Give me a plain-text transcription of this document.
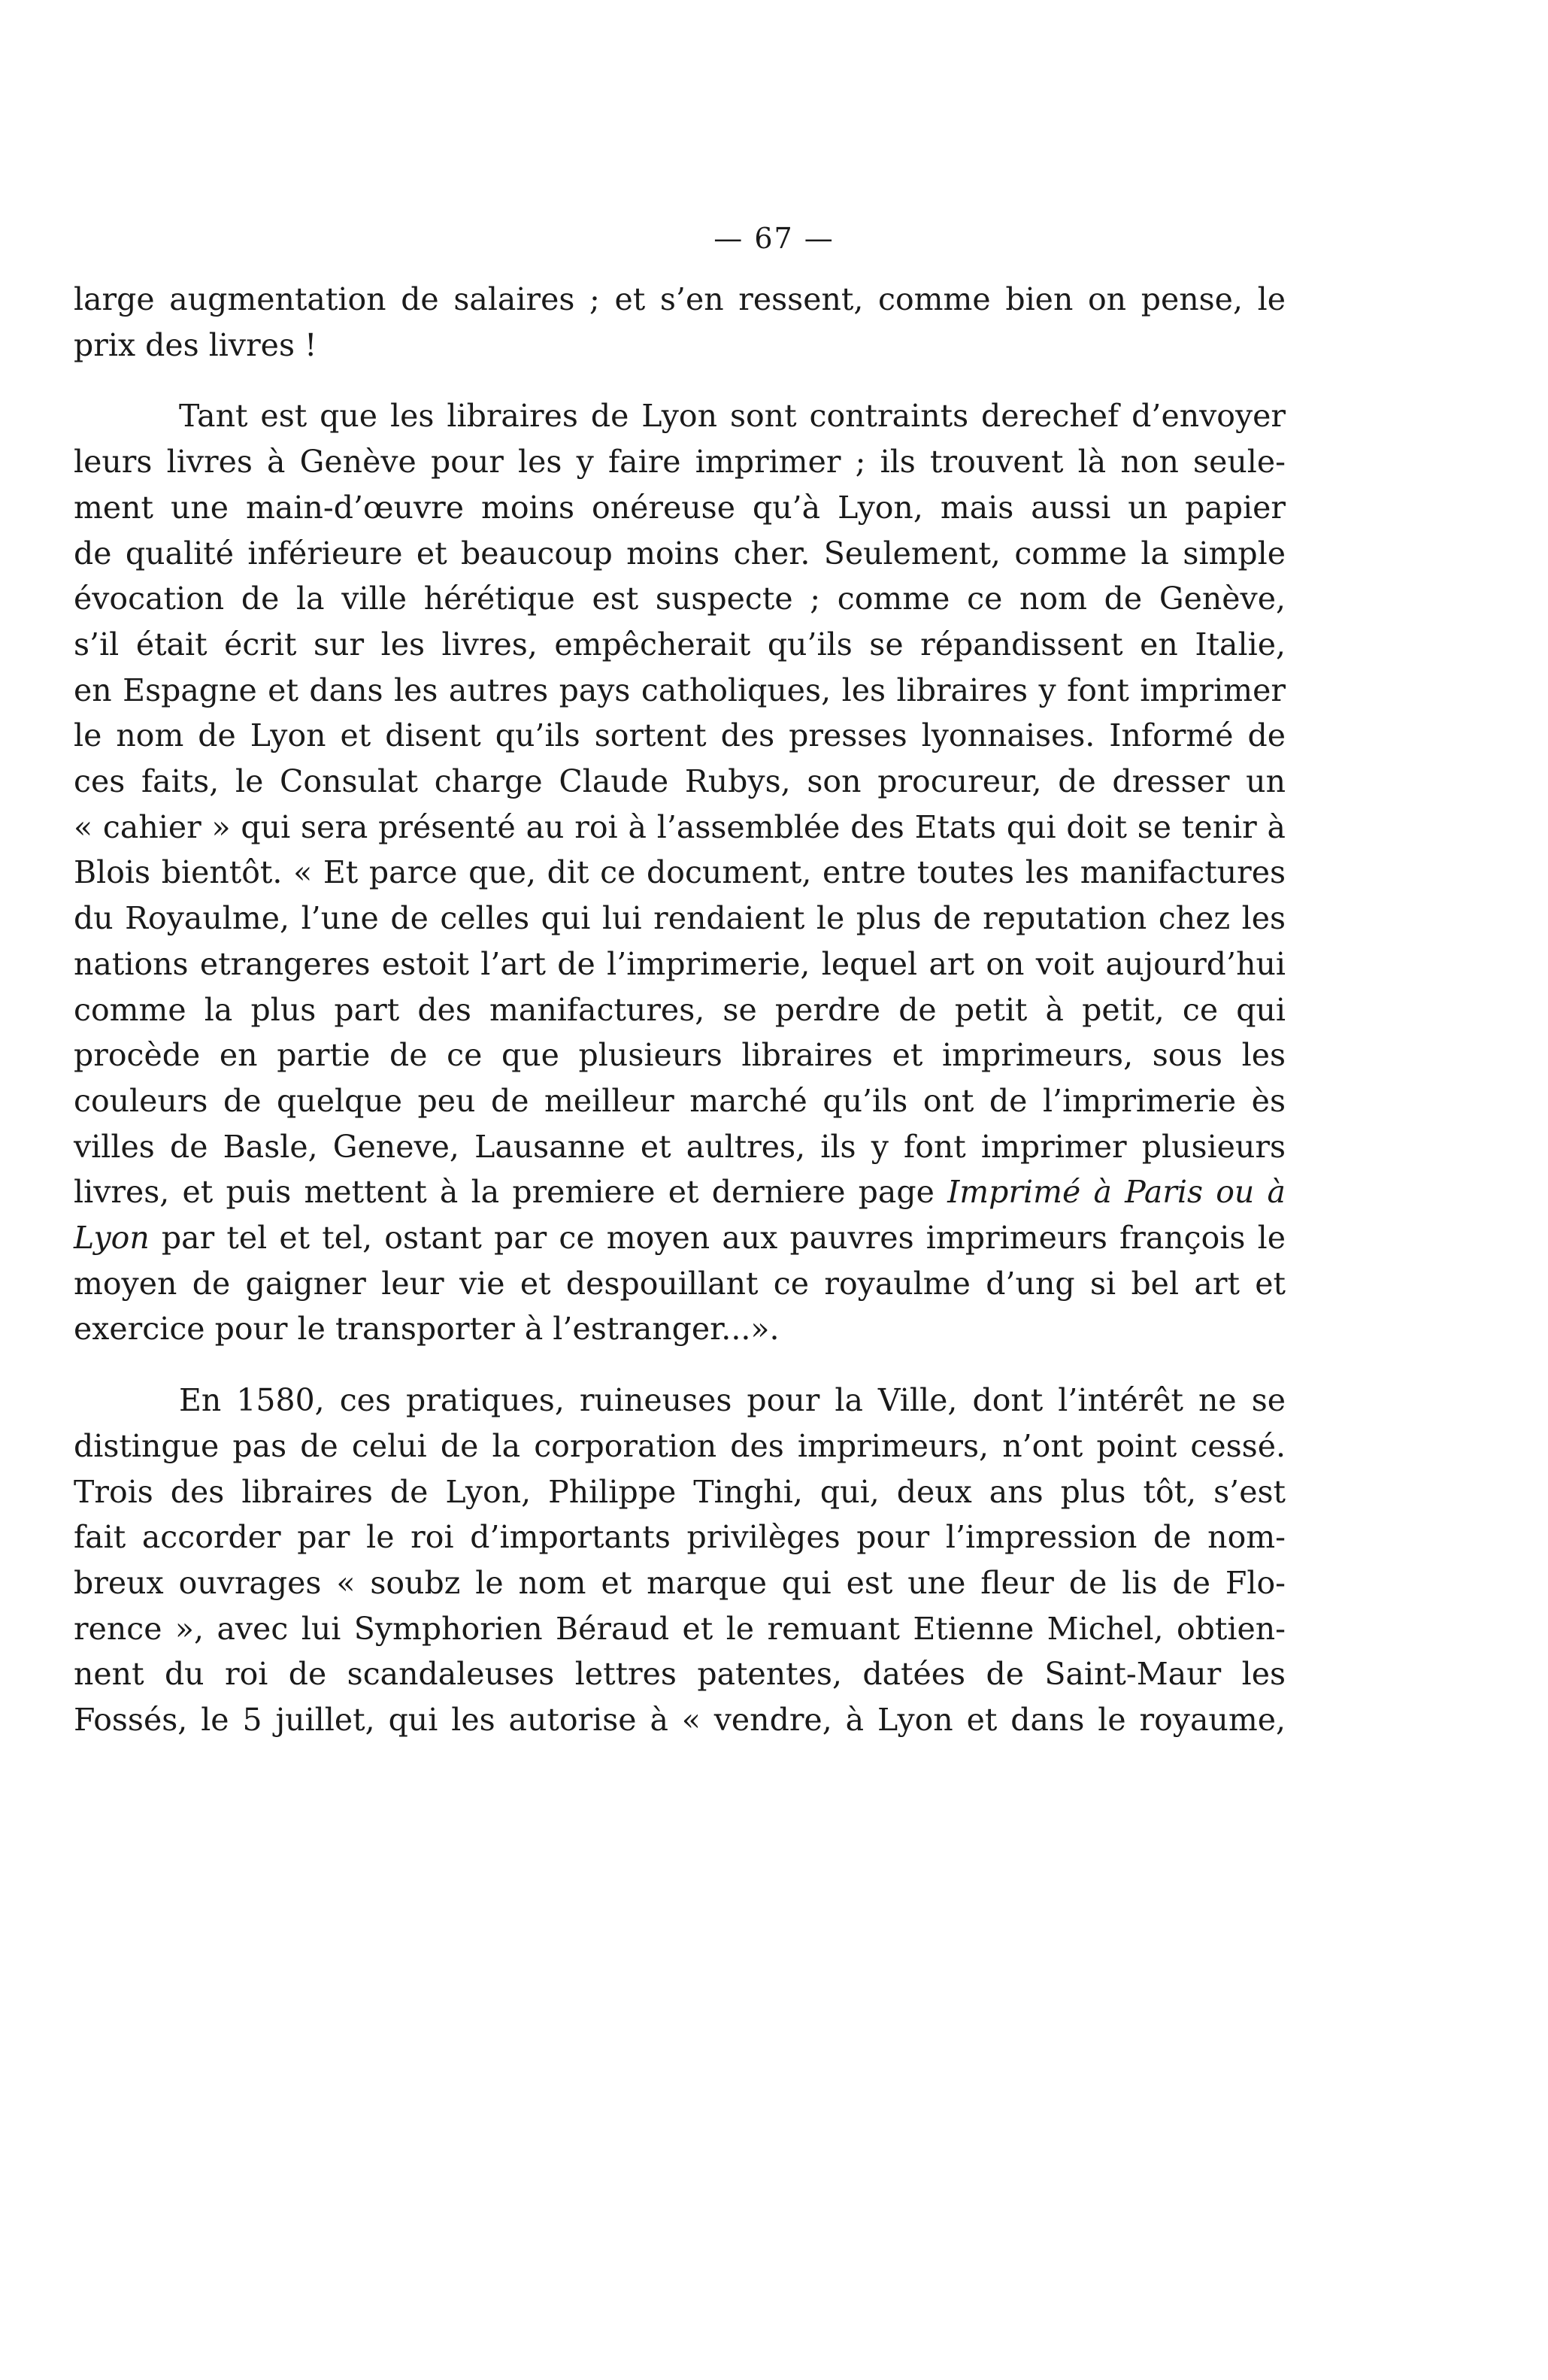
— 67 —
large augmentation de salaires ; et s’en ressent, comme bien on pense, le
prix des livres !
Tant est que les libraires de Lyon sont contraints derechef d’envoyer
leurs livres à Genève pour les y faire imprimer ; ils trouvent là non seule-
ment une main-d’œuvre moins onéreuse qu’à Lyon, mais aussi un papier
de qualité inférieure et beaucoup moins cher. Seulement, comme la simple
évocation de la ville hérétique est suspecte ; comme ce nom de Genève,
s’il était écrit sur les livres, empêcherait qu’ils se répandissent en Italie,
en Espagne et dans les autres pays catholiques, les libraires y font imprimer
le nom de Lyon et disent qu’ils sortent des presses lyonnaises. Informé de
ces faits, le Consulat charge Claude Rubys, son procureur, de dresser un
« cahier » qui sera présenté au roi à l’assemblée des Etats qui doit se tenir à
Blois bientôt. « Et parce que, dit ce document, entre toutes les manifactures
du Royaulme, l’une de celles qui lui rendaient le plus de reputation chez les
nations etrangeres estoit l’art de l’imprimerie, lequel art on voit aujourd’hui
comme la plus part des manifactures, se perdre de petit à petit, ce qui
procède en partie de ce que plusieurs libraires et imprimeurs, sous les
couleurs de quelque peu de meilleur marché qu’ils ont de l’imprimerie ès
villes de Basle, Geneve, Lausanne et aultres, ils y font imprimer plusieurs
livres, et puis mettent à la premiere et derniere page Imprimé à Paris ou à
Lyon par tel et tel, ostant par ce moyen aux pauvres imprimeurs françois le
moyen de gaigner leur vie et despouillant ce royaulme d’ung si bel art et
exercice pour le transporter à l’estranger...».
En 1580, ces pratiques, ruineuses pour la Ville, dont l’intérêt ne se
distingue pas de celui de la corporation des imprimeurs, n’ont point cessé.
Trois des libraires de Lyon, Philippe Tinghi, qui, deux ans plus tôt, s’est
fait accorder par le roi d’importants privilèges pour l’impression de nom-
breux ouvrages « soubz le nom et marque qui est une fleur de lis de Flo-
rence », avec lui Symphorien Béraud et le remuant Etienne Michel, obtien-
nent du roi de scandaleuses lettres patentes, datées de Saint-Maur les
Fossés, le 5 juillet, qui les autorise à « vendre, à Lyon et dans le royaume,
